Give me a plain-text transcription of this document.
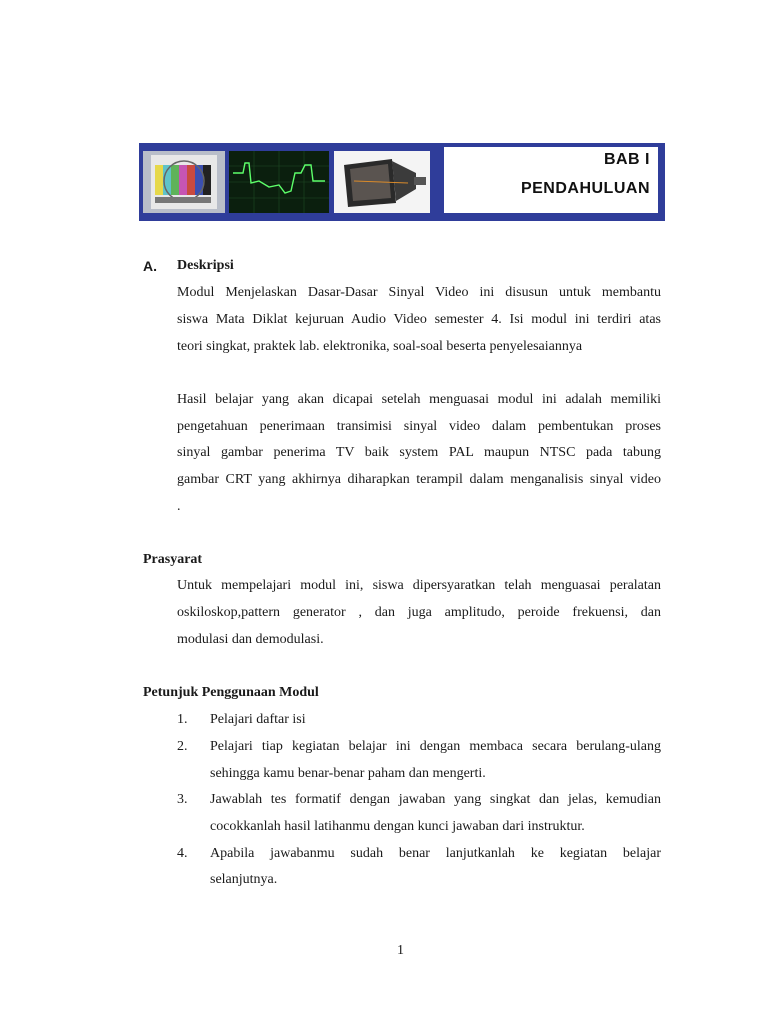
BAB I
PENDAHULUAN
A. Deskripsi
Modul Menjelaskan Dasar-Dasar Sinyal Video ini disusun untuk membantu
siswa Mata Diklat kejuruan Audio Video semester 4. Isi modul ini terdiri atas
teori singkat, praktek lab. elektronika, soal-soal beserta penyelesaiannya
Hasil belajar yang akan dicapai setelah menguasai modul ini adalah memiliki
pengetahuan penerimaan transimisi sinyal video dalam pembentukan proses
sinyal gambar penerima TV baik system PAL maupun NTSC pada tabung
gambar CRT yang akhirnya diharapkan terampil dalam menganalisis sinyal video
.
Prasyarat
Untuk mempelajari modul ini, siswa dipersyaratkan telah menguasai peralatan
oskiloskop,pattern generator , dan juga amplitudo, peroide frekuensi, dan
modulasi dan demodulasi.
Petunjuk Penggunaan Modul
1. Pelajari daftar isi
2. Pelajari tiap kegiatan belajar ini dengan membaca secara berulang-ulang
sehingga kamu benar-benar paham dan mengerti.
3. Jawablah tes formatif dengan jawaban yang singkat dan jelas, kemudian
cocokkanlah hasil latihanmu dengan kunci jawaban dari instruktur.
4. Apabila jawabanmu sudah benar lanjutkanlah ke kegiatan belajar
selanjutnya.
1
